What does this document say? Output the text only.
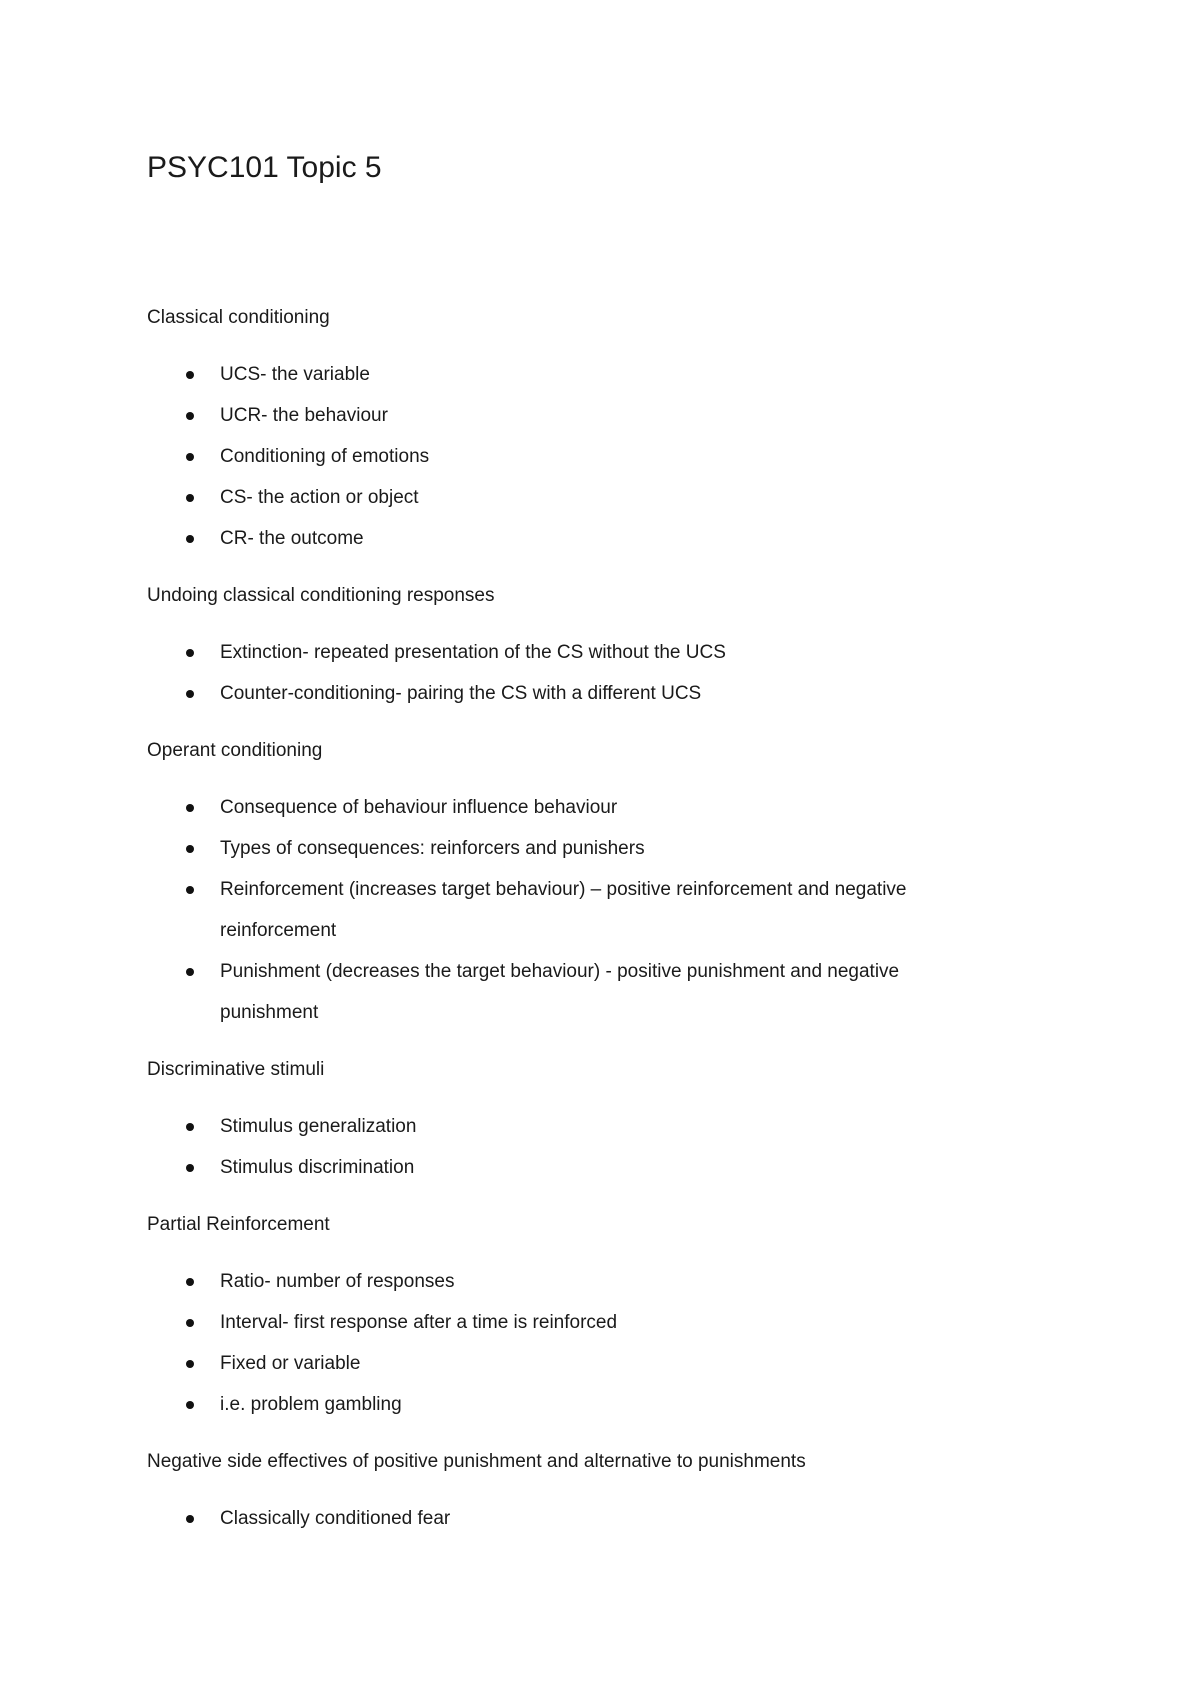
PSYC101 Topic 5

Classical conditioning

UCS- the variable
UCR- the behaviour
Conditioning of emotions
CS- the action or object
CR- the outcome

Undoing classical conditioning responses

Extinction- repeated presentation of the CS without the UCS
Counter-conditioning- pairing the CS with a different UCS

Operant conditioning

Consequence of behaviour influence behaviour
Types of consequences: reinforcers and punishers
Reinforcement (increases target behaviour) – positive reinforcement and negative reinforcement
Punishment (decreases the target behaviour) - positive punishment and negative punishment

Discriminative stimuli

Stimulus generalization
Stimulus discrimination

Partial Reinforcement

Ratio- number of responses
Interval- first response after a time is reinforced
Fixed or variable
i.e. problem gambling

Negative side effectives of positive punishment and alternative to punishments

Classically conditioned fear
